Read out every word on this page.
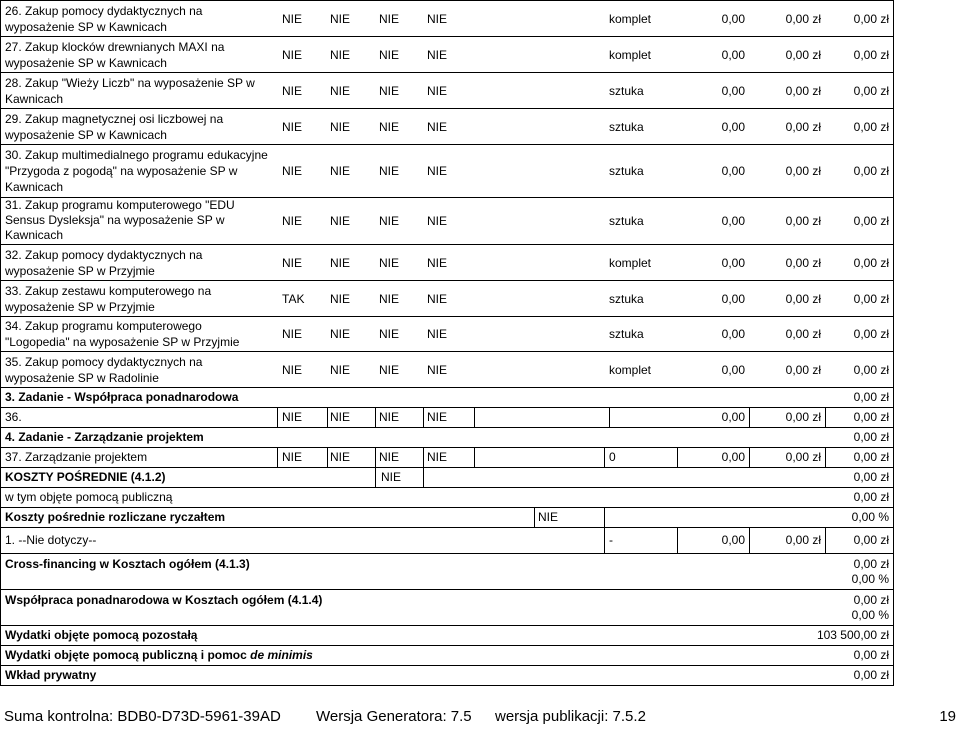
26. Zakup pomocy dydaktycznych na
wyposażenie SP w Kawnicach
NIE NIE NIE NIE	komplet	0,00	0,00 zł	0,00 zł
27. Zakup klocków drewnianych MAXI na
wyposażenie SP w Kawnicach
NIE NIE NIE NIE	komplet	0,00	0,00 zł	0,00 zł
28. Zakup "Wieży Liczb" na wyposażenie SP w
Kawnicach
NIE NIE NIE NIE	sztuka	0,00	0,00 zł	0,00 zł
29. Zakup magnetycznej osi liczbowej na
wyposażenie SP w Kawnicach
NIE NIE NIE NIE	sztuka	0,00	0,00 zł	0,00 zł
30. Zakup multimedialnego programu edukacyjne
"Przygoda z pogodą" na wyposażenie SP w
Kawnicach
NIE NIE NIE NIE	sztuka	0,00	0,00 zł	0,00 zł
31. Zakup programu komputerowego "EDU
Sensus Dysleksja" na wyposażenie SP w
Kawnicach
NIE NIE NIE NIE	sztuka	0,00	0,00 zł	0,00 zł
32. Zakup pomocy dydaktycznych na
wyposażenie SP w Przyjmie
NIE NIE NIE NIE	komplet	0,00	0,00 zł	0,00 zł
33. Zakup zestawu komputerowego na
wyposażenie SP w Przyjmie
TAK NIE NIE NIE	sztuka	0,00	0,00 zł	0,00 zł
34. Zakup programu komputerowego
"Logopedia" na wyposażenie SP w Przyjmie
NIE NIE NIE NIE	sztuka	0,00	0,00 zł	0,00 zł
35. Zakup pomocy dydaktycznych na
wyposażenie SP w Radolinie
NIE NIE NIE NIE	komplet	0,00	0,00 zł	0,00 zł
3. Zadanie - Współpraca ponadnarodowa	0,00 zł
36.	NIE NIE NIE NIE	0,00	0,00 zł	0,00 zł
4. Zadanie - Zarządzanie projektem	0,00 zł
37. Zarządzanie projektem	NIE NIE NIE NIE	0	0,00	0,00 zł	0,00 zł
KOSZTY POŚREDNIE (4.1.2)	NIE	0,00 zł
w tym objęte pomocą publiczną	0,00 zł
Koszty pośrednie rozliczane ryczałtem	NIE	0,00 %
1. --Nie dotyczy--	-	0,00	0,00 zł	0,00 zł
Cross-financing w Kosztach ogółem (4.1.3)	0,00 zł
0,00 %
Współpraca ponadnarodowa w Kosztach ogółem (4.1.4)	0,00 zł
0,00 %
Wydatki objęte pomocą pozostałą	103 500,00 zł
Wydatki objęte pomocą publiczną i pomoc de minimis	0,00 zł
Wkład prywatny	0,00 zł
Suma kontrolna: BDB0-D73D-5961-39AD Wersja Generatora: 7.5 wersja publikacji: 7.5.2	19
